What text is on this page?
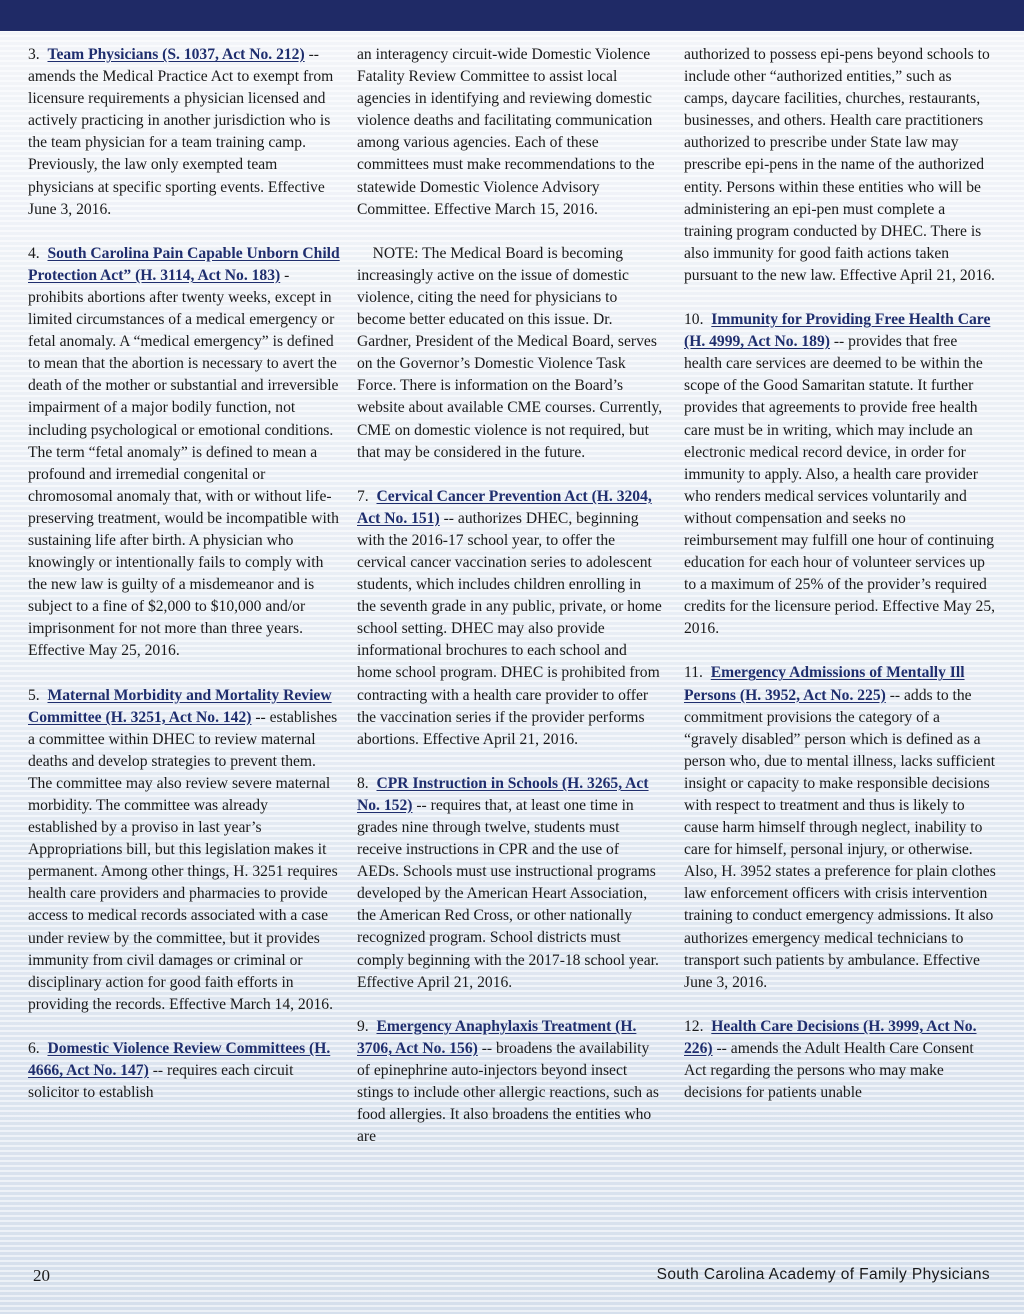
3. Team Physicians (S. 1037, Act No. 212) -- amends the Medical Practice Act to exempt from licensure requirements a physician licensed and actively practicing in another jurisdiction who is the team physician for a team training camp. Previously, the law only exempted team physicians at specific sporting events. Effective June 3, 2016.

4. South Carolina Pain Capable Unborn Child Protection Act” (H. 3114, Act No. 183) - prohibits abortions after twenty weeks, except in limited circumstances of a medical emergency or fetal anomaly. A “medical emergency” is defined to mean that the abortion is necessary to avert the death of the mother or substantial and irreversible impairment of a major bodily function, not including psychological or emotional conditions. The term “fetal anomaly” is defined to mean a profound and irremedial congenital or chromosomal anomaly that, with or without life-preserving treatment, would be incompatible with sustaining life after birth. A physician who knowingly or intentionally fails to comply with the new law is guilty of a misdemeanor and is subject to a fine of $2,000 to $10,000 and/or imprisonment for not more than three years. Effective May 25, 2016.

5. Maternal Morbidity and Mortality Review Committee (H. 3251, Act No. 142) -- establishes a committee within DHEC to review maternal deaths and develop strategies to prevent them. The committee may also review severe maternal morbidity. The committee was already established by a proviso in last year’s Appropriations bill, but this legislation makes it permanent. Among other things, H. 3251 requires health care providers and pharmacies to provide access to medical records associated with a case under review by the committee, but it provides immunity from civil damages or criminal or disciplinary action for good faith efforts in providing the records. Effective March 14, 2016.

6. Domestic Violence Review Committees (H. 4666, Act No. 147) -- requires each circuit solicitor to establish

an interagency circuit-wide Domestic Violence Fatality Review Committee to assist local agencies in identifying and reviewing domestic violence deaths and facilitating communication among various agencies. Each of these committees must make recommendations to the statewide Domestic Violence Advisory Committee. Effective March 15, 2016.

NOTE: The Medical Board is becoming increasingly active on the issue of domestic violence, citing the need for physicians to become better educated on this issue. Dr. Gardner, President of the Medical Board, serves on the Governor’s Domestic Violence Task Force. There is information on the Board’s website about available CME courses. Currently, CME on domestic violence is not required, but that may be considered in the future.

7. Cervical Cancer Prevention Act (H. 3204, Act No. 151) -- authorizes DHEC, beginning with the 2016-17 school year, to offer the cervical cancer vaccination series to adolescent students, which includes children enrolling in the seventh grade in any public, private, or home school setting. DHEC may also provide informational brochures to each school and home school program. DHEC is prohibited from contracting with a health care provider to offer the vaccination series if the provider performs abortions. Effective April 21, 2016.

8. CPR Instruction in Schools (H. 3265, Act No. 152) -- requires that, at least one time in grades nine through twelve, students must receive instructions in CPR and the use of AEDs. Schools must use instructional programs developed by the American Heart Association, the American Red Cross, or other nationally recognized program. School districts must comply beginning with the 2017-18 school year. Effective April 21, 2016.

9. Emergency Anaphylaxis Treatment (H. 3706, Act No. 156) -- broadens the availability of epinephrine auto-injectors beyond insect stings to include other allergic reactions, such as food allergies. It also broadens the entities who are

authorized to possess epi-pens beyond schools to include other “authorized entities,” such as camps, daycare facilities, churches, restaurants, businesses, and others. Health care practitioners authorized to prescribe under State law may prescribe epi-pens in the name of the authorized entity. Persons within these entities who will be administering an epi-pen must complete a training program conducted by DHEC. There is also immunity for good faith actions taken pursuant to the new law. Effective April 21, 2016.

10. Immunity for Providing Free Health Care (H. 4999, Act No. 189) -- provides that free health care services are deemed to be within the scope of the Good Samaritan statute. It further provides that agreements to provide free health care must be in writing, which may include an electronic medical record device, in order for immunity to apply. Also, a health care provider who renders medical services voluntarily and without compensation and seeks no reimbursement may fulfill one hour of continuing education for each hour of volunteer services up to a maximum of 25% of the provider’s required credits for the licensure period. Effective May 25, 2016.

11. Emergency Admissions of Mentally Ill Persons (H. 3952, Act No. 225) -- adds to the commitment provisions the category of a “gravely disabled” person which is defined as a person who, due to mental illness, lacks sufficient insight or capacity to make responsible decisions with respect to treatment and thus is likely to cause harm himself through neglect, inability to care for himself, personal injury, or otherwise. Also, H. 3952 states a preference for plain clothes law enforcement officers with crisis intervention training to conduct emergency admissions. It also authorizes emergency medical technicians to transport such patients by ambulance. Effective June 3, 2016.

12. Health Care Decisions (H. 3999, Act No. 226) -- amends the Adult Health Care Consent Act regarding the persons who may make decisions for patients unable

20	South Carolina Academy of Family Physicians
